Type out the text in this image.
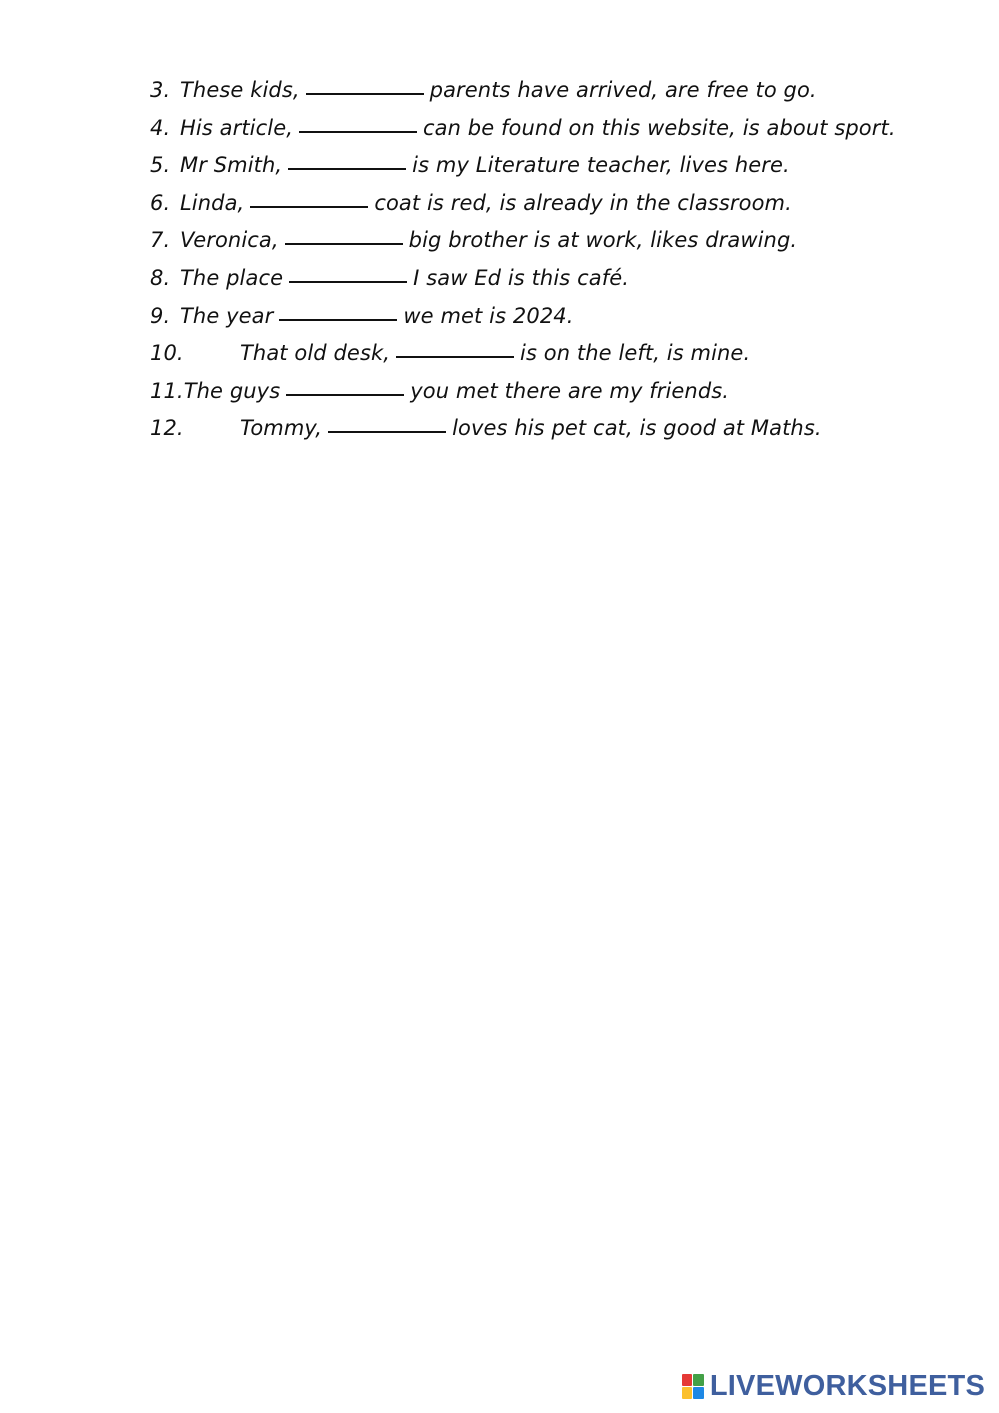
3. These kids,	parents have arrived, are free to go.
4. His article,	can be found on this website, is about sport.
5. Mr Smith,	is my Literature teacher, lives here.
6. Linda,	coat is red, is already in the classroom.
7. Veronica,	big brother is at work, likes drawing.
8. The place	I saw Ed is this café.
9. The year	we met is 2024.
10.	That old desk,	is on the left, is mine.
11. The guys	you met there are my friends.
12.	Tommy,	loves his pet cat, is good at Maths.
LIVEWORKSHEETS
